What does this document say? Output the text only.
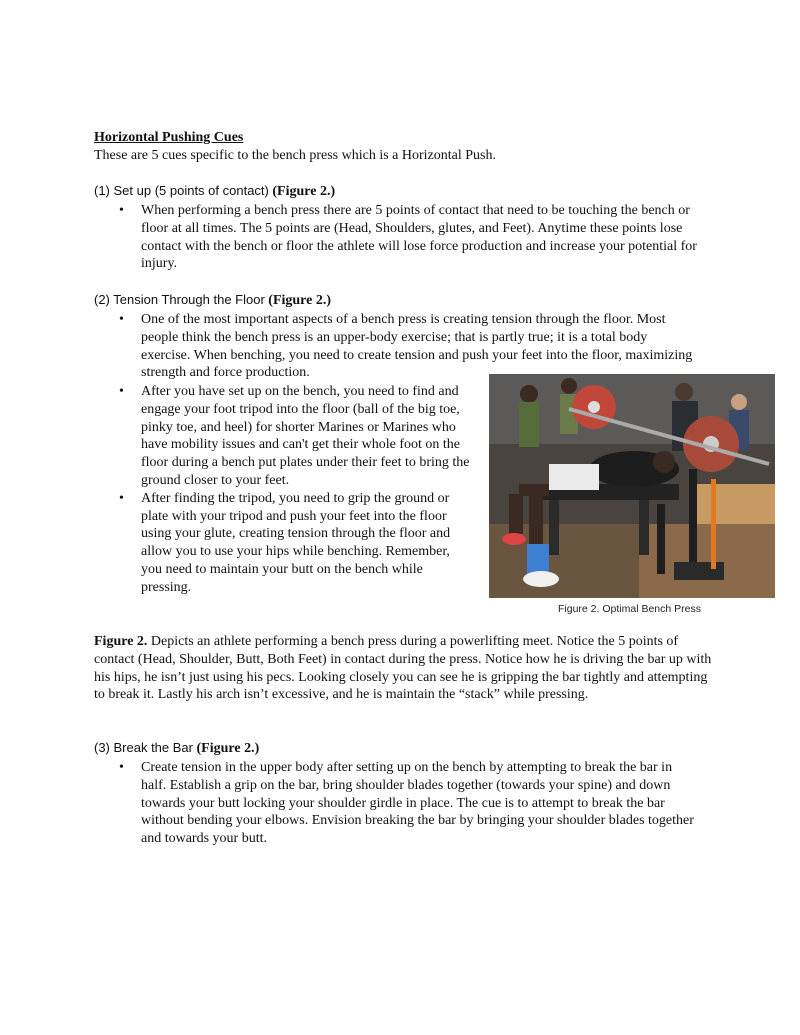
Horizontal Pushing Cues
These are 5 cues specific to the bench press which is a Horizontal Push.
(1) Set up (5 points of contact) (Figure 2.)
• When performing a bench press there are 5 points of contact that need to be touching the bench or floor at all times. The 5 points are (Head, Shoulders, glutes, and Feet). Anytime these points lose contact with the bench or floor the athlete will lose force production and increase your potential for injury.
(2) Tension Through the Floor (Figure 2.)
• One of the most important aspects of a bench press is creating tension through the floor. Most people think the bench press is an upper-body exercise; that is partly true; it is a total body exercise. When benching, you need to create tension and push your feet into the floor, maximizing strength and force production.
• After you have set up on the bench, you need to find and engage your foot tripod into the floor (ball of the big toe, pinky toe, and heel) for shorter Marines or Marines who have mobility issues and can't get their whole foot on the floor during a bench put plates under their feet to bring the ground closer to your feet.
• After finding the tripod, you need to grip the ground or plate with your tripod and push your feet into the floor using your glute, creating tension through the floor and allow you to use your hips while benching. Remember, you need to maintain your butt on the bench while pressing.
Figure 2. Optimal Bench Press
Figure 2. Depicts an athlete performing a bench press during a powerlifting meet. Notice the 5 points of contact (Head, Shoulder, Butt, Both Feet) in contact during the press. Notice how he is driving the bar up with his hips, he isn’t just using his pecs. Looking closely you can see he is gripping the bar tightly and attempting to break it. Lastly his arch isn’t excessive, and he is maintain the “stack” while pressing.
(3) Break the Bar (Figure 2.)
• Create tension in the upper body after setting up on the bench by attempting to break the bar in half. Establish a grip on the bar, bring shoulder blades together (towards your spine) and down towards your butt locking your shoulder girdle in place. The cue is to attempt to break the bar without bending your elbows. Envision breaking the bar by bringing your shoulder blades together and towards your butt.
